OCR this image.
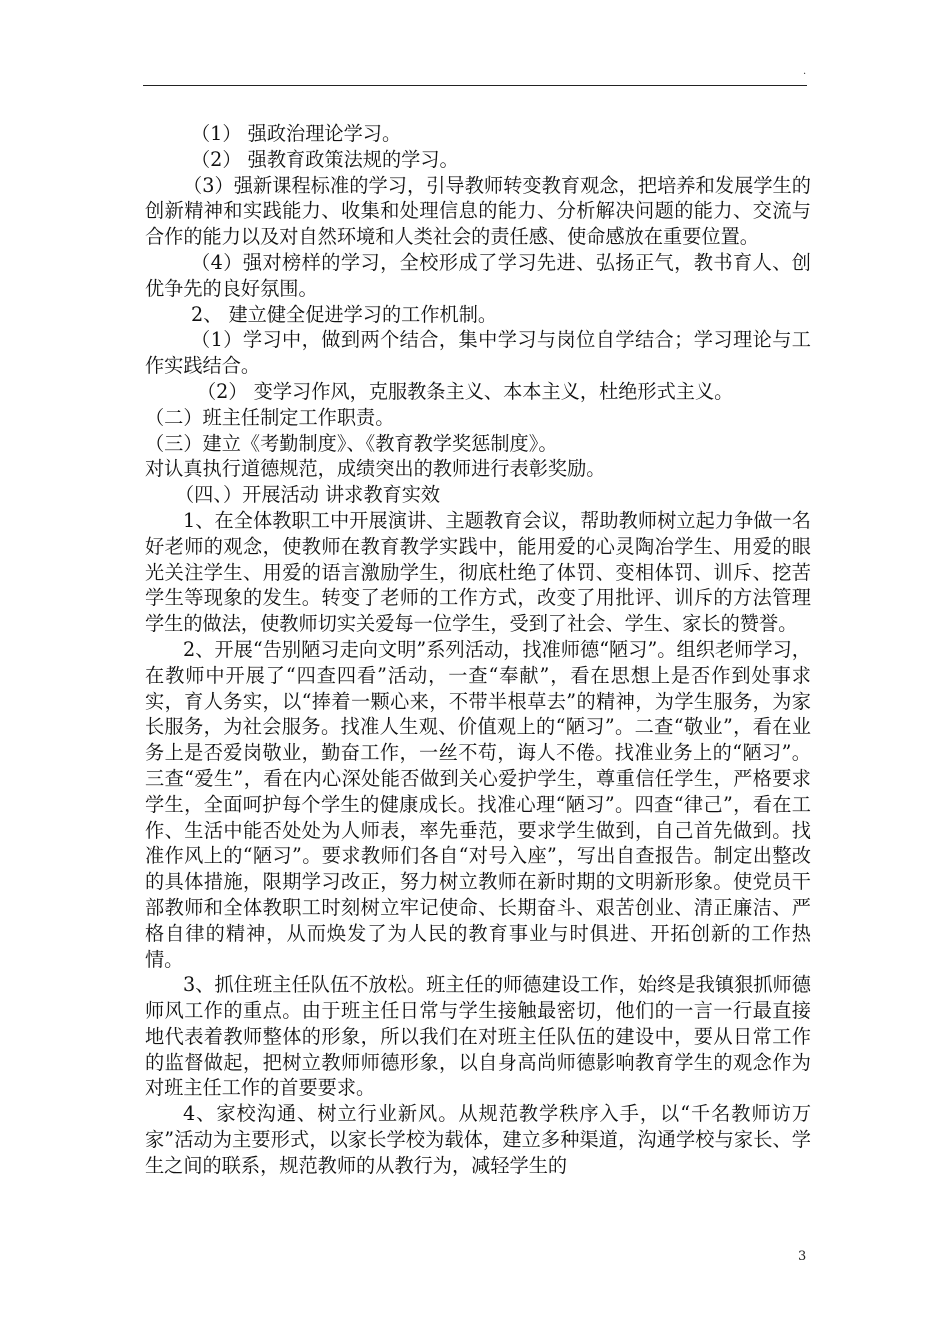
.

（1） 强政治理论学习。

（2） 强教育政策法规的学习。

（3）强新课程标准的学习，引导教师转变教育观念，把培养和发展学生的创新精神和实践能力、收集和处理信息的能力、分析解决问题的能力、交流与合作的能力以及对自然环境和人类社会的责任感、使命感放在重要位置。

（4）强对榜样的学习，全校形成了学习先进、弘扬正气，教书育人、创优争先的良好氛围。

2、 建立健全促进学习的工作机制。

（1）学习中，做到两个结合，集中学习与岗位自学结合；学习理论与工作实践结合。

（2） 变学习作风，克服教条主义、本本主义，杜绝形式主义。

（二）班主任制定工作职责。

（三）建立《考勤制度》、《教育教学奖惩制度》。

对认真执行道德规范，成绩突出的教师进行表彰奖励。

（四、）开展活动 讲求教育实效

1、在全体教职工中开展演讲、主题教育会议，帮助教师树立起力争做一名好老师的观念，使教师在教育教学实践中，能用爱的心灵陶冶学生、用爱的眼光关注学生、用爱的语言激励学生，彻底杜绝了体罚、变相体罚、训斥、挖苦学生等现象的发生。转变了老师的工作方式，改变了用批评、训斥的方法管理学生的做法，使教师切实关爱每一位学生，受到了社会、学生、家长的赞誉。

2、开展“告别陋习走向文明”系列活动，找准师德“陋习”。组织老师学习，在教师中开展了“四查四看”活动，一查“奉献”，看在思想上是否作到处事求实，育人务实，以“捧着一颗心来，不带半根草去”的精神，为学生服务，为家长服务，为社会服务。找准人生观、价值观上的“陋习”。二查“敬业”，看在业务上是否爱岗敬业，勤奋工作，一丝不苟，诲人不倦。找准业务上的“陋习”。三查“爱生”，看在内心深处能否做到关心爱护学生，尊重信任学生，严格要求学生，全面呵护每个学生的健康成长。找准心理“陋习”。四查“律己”，看在工作、生活中能否处处为人师表，率先垂范，要求学生做到，自己首先做到。找准作风上的“陋习”。要求教师们各自“对号入座”，写出自查报告。制定出整改的具体措施，限期学习改正，努力树立教师在新时期的文明新形象。使党员干部教师和全体教职工时刻树立牢记使命、长期奋斗、艰苦创业、清正廉洁、严格自律的精神，从而焕发了为人民的教育事业与时俱进、开拓创新的工作热情。

3、抓住班主任队伍不放松。班主任的师德建设工作，始终是我镇狠抓师德师风工作的重点。由于班主任日常与学生接触最密切，他们的一言一行最直接地代表着教师整体的形象，所以我们在对班主任队伍的建设中，要从日常工作的监督做起，把树立教师师德形象，以自身高尚师德影响教育学生的观念作为对班主任工作的首要要求。

4、家校沟通、树立行业新风。从规范教学秩序入手，以“千名教师访万家”活动为主要形式，以家长学校为载体，建立多种渠道，沟通学校与家长、学生之间的联系，规范教师的从教行为，减轻学生的

3
